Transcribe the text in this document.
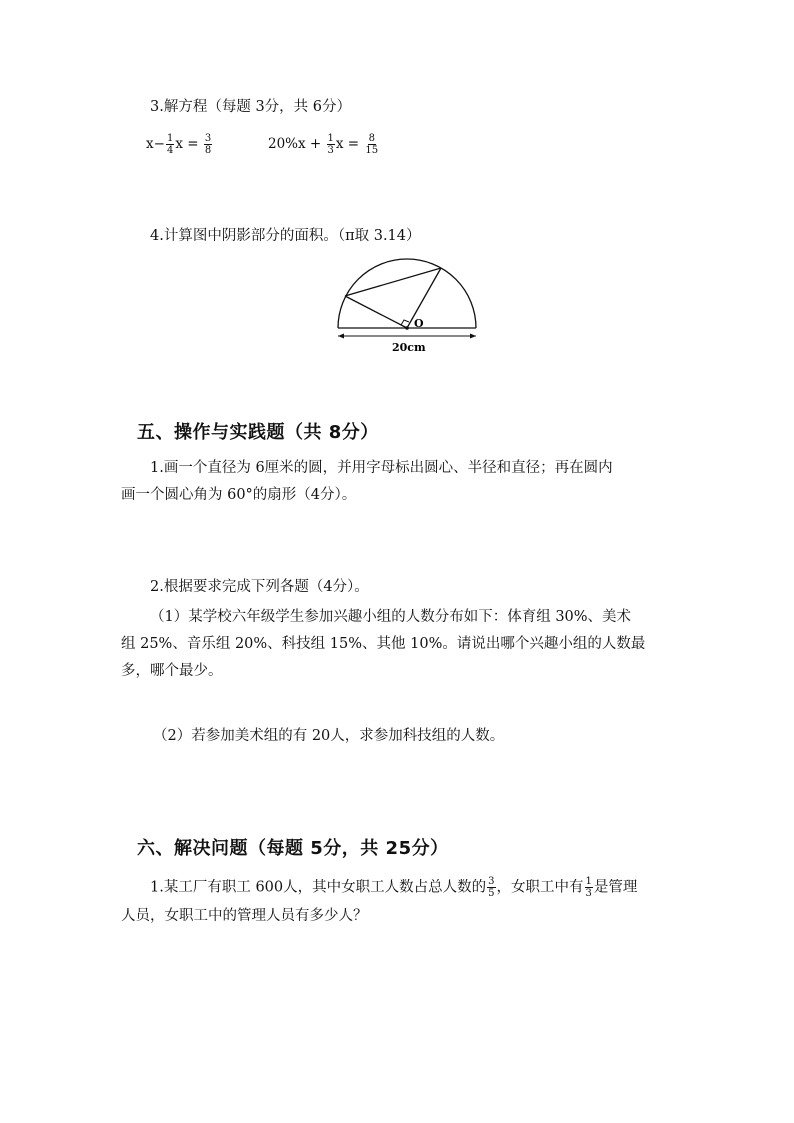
3.解方程（每题 3分，共 6分）
$x- \frac{1}{4}$ $x = \frac{3}{8}$	$20\%x + \frac{1}{3}$ $x = \frac{8}{15}$
4.计算图中阴影部分的面积。（π取 3.14）
O
20cm
五、操作与实践题（共 8分）
1.画一个直径为 6厘米的圆，并用字母标出圆心、半径和直径；再在圆内
画一个圆心角为 60°的扇形（4分）。
2.根据要求完成下列各题（4分）。
（1）某学校六年级学生参加兴趣小组的人数分布如下：体育组 30%、美术
组 25%、音乐组 20%、科技组 15%、其他 10%。请说出哪个兴趣小组的人数最
多，哪个最少。
（2）若参加美术组的有 20人，求参加科技组的人数。
六、解决问题（每题 5分，共 25分）
1.某工厂有职工 600人，其中女职工人数占总人数的 $\frac{3}{5}$ ，女职工中有 $\frac{1}{3}$ 是管理
人员，女职工中的管理人员有多少人？
